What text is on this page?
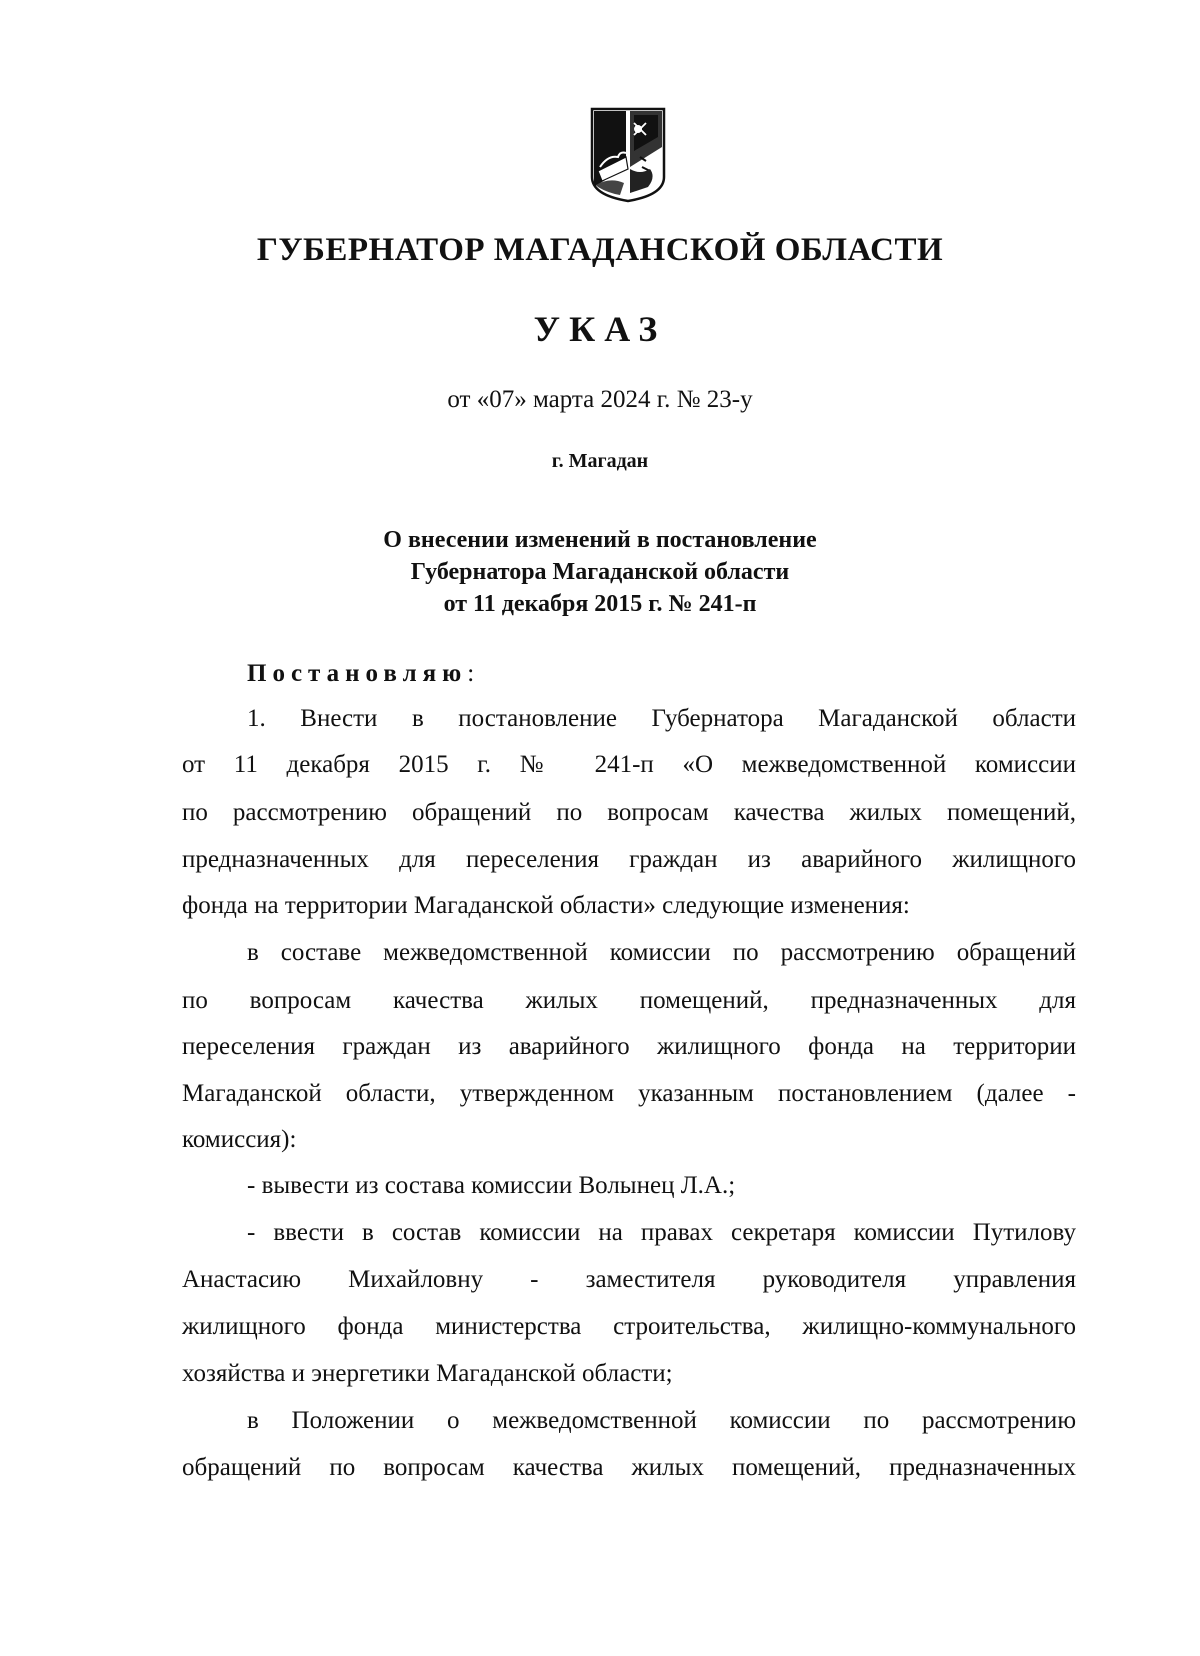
ГУБЕРНАТОР МАГАДАНСКОЙ ОБЛАСТИ
УКАЗ
от «07» марта 2024 г. № 23-у
г. Магадан
О внесении изменений в постановление
Губернатора Магаданской области
от 11 декабря 2015 г. № 241-п
Постановляю:
1. Внести в постановление Губернатора Магаданской области
от 11 декабря 2015 г. № 241-п «О межведомственной комиссии
по рассмотрению обращений по вопросам качества жилых помещений,
предназначенных для переселения граждан из аварийного жилищного
фонда на территории Магаданской области» следующие изменения:
в составе межведомственной комиссии по рассмотрению обращений
по вопросам качества жилых помещений, предназначенных для
переселения граждан из аварийного жилищного фонда на территории
Магаданской области, утвержденном указанным постановлением (далее -
комиссия):
- вывести из состава комиссии Волынец Л.А.;
- ввести в состав комиссии на правах секретаря комиссии Путилову
Анастасию Михайловну - заместителя руководителя управления
жилищного фонда министерства строительства, жилищно-коммунального
хозяйства и энергетики Магаданской области;
в Положении о межведомственной комиссии по рассмотрению
обращений по вопросам качества жилых помещений, предназначенных
